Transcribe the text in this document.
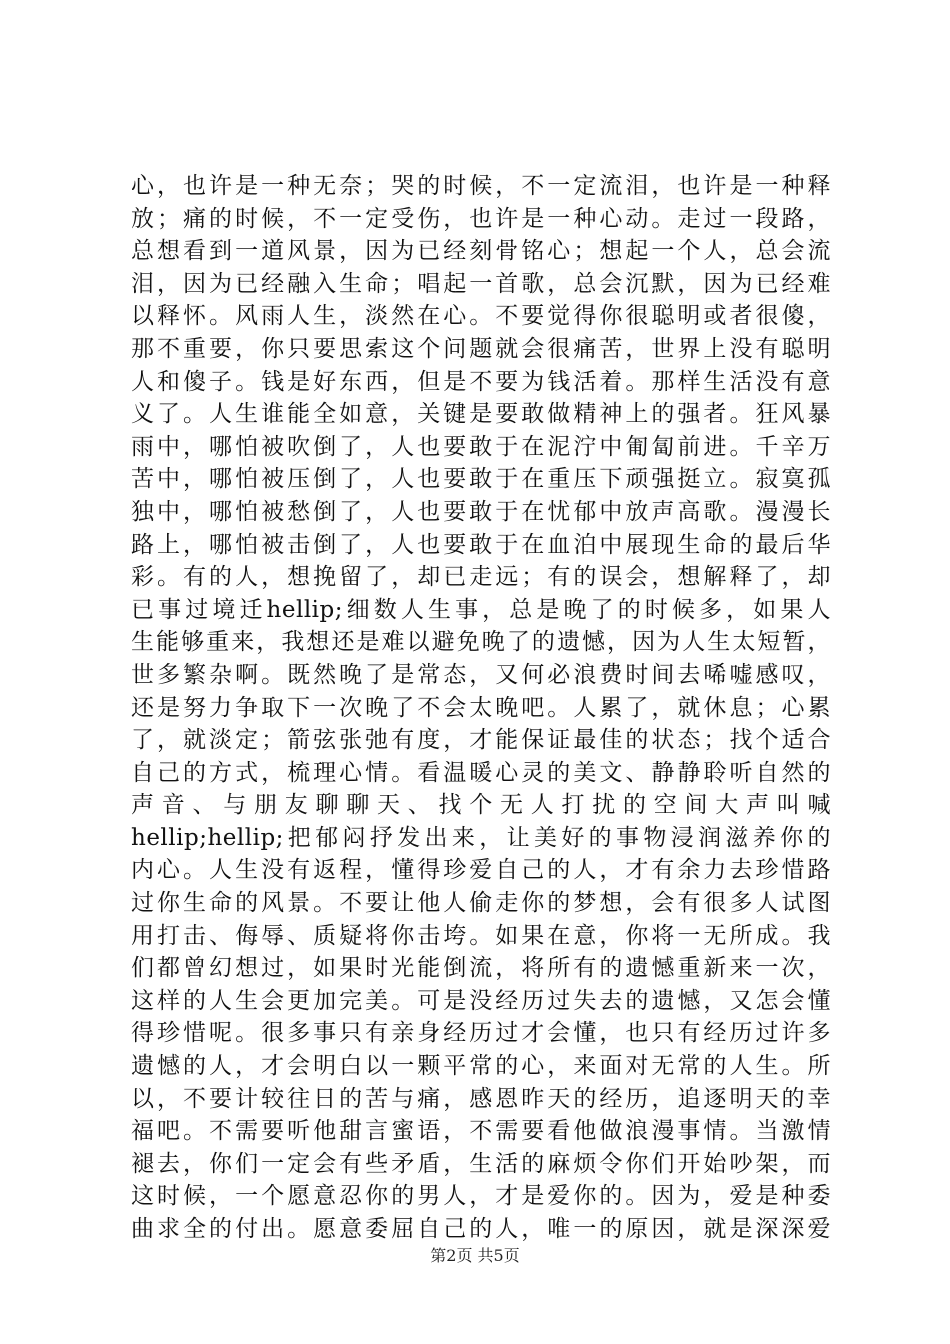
心，也许是一种无奈；哭的时候，不一定流泪，也许是一种释
放；痛的时候，不一定受伤，也许是一种心动。走过一段路，
总想看到一道风景，因为已经刻骨铭心；想起一个人，总会流
泪，因为已经融入生命；唱起一首歌，总会沉默，因为已经难
以释怀。风雨人生，淡然在心。不要觉得你很聪明或者很傻，
那不重要，你只要思索这个问题就会很痛苦，世界上没有聪明
人和傻子。钱是好东西，但是不要为钱活着。那样生活没有意
义了。人生谁能全如意，关键是要敢做精神上的强者。狂风暴
雨中，哪怕被吹倒了，人也要敢于在泥泞中匍匐前进。千辛万
苦中，哪怕被压倒了，人也要敢于在重压下顽强挺立。寂寞孤
独中，哪怕被愁倒了，人也要敢于在忧郁中放声高歌。漫漫长
路上，哪怕被击倒了，人也要敢于在血泊中展现生命的最后华
彩。有的人，想挽留了，却已走远；有的误会，想解释了，却
已事过境迁hellip;细数人生事，总是晚了的时候多，如果人
生能够重来，我想还是难以避免晚了的遗憾，因为人生太短暂，
世多繁杂啊。既然晚了是常态，又何必浪费时间去唏嘘感叹，
还是努力争取下一次晚了不会太晚吧。人累了，就休息；心累
了，就淡定；箭弦张弛有度，才能保证最佳的状态；找个适合
自己的方式，梳理心情。看温暖心灵的美文、静静聆听自然的
声音、与朋友聊聊天、找个无人打扰的空间大声叫喊
hellip;hellip;把郁闷抒发出来，让美好的事物浸润滋养你的
内心。人生没有返程，懂得珍爱自己的人，才有余力去珍惜路
过你生命的风景。不要让他人偷走你的梦想，会有很多人试图
用打击、侮辱、质疑将你击垮。如果在意，你将一无所成。我
们都曾幻想过，如果时光能倒流，将所有的遗憾重新来一次，
这样的人生会更加完美。可是没经历过失去的遗憾，又怎会懂
得珍惜呢。很多事只有亲身经历过才会懂，也只有经历过许多
遗憾的人，才会明白以一颗平常的心，来面对无常的人生。所
以，不要计较往日的苦与痛，感恩昨天的经历，追逐明天的幸
福吧。不需要听他甜言蜜语，不需要看他做浪漫事情。当激情
褪去，你们一定会有些矛盾，生活的麻烦令你们开始吵架，而
这时候，一个愿意忍你的男人，才是爱你的。因为，爱是种委
曲求全的付出。愿意委屈自己的人，唯一的原因，就是深深爱
第2页 共5页
